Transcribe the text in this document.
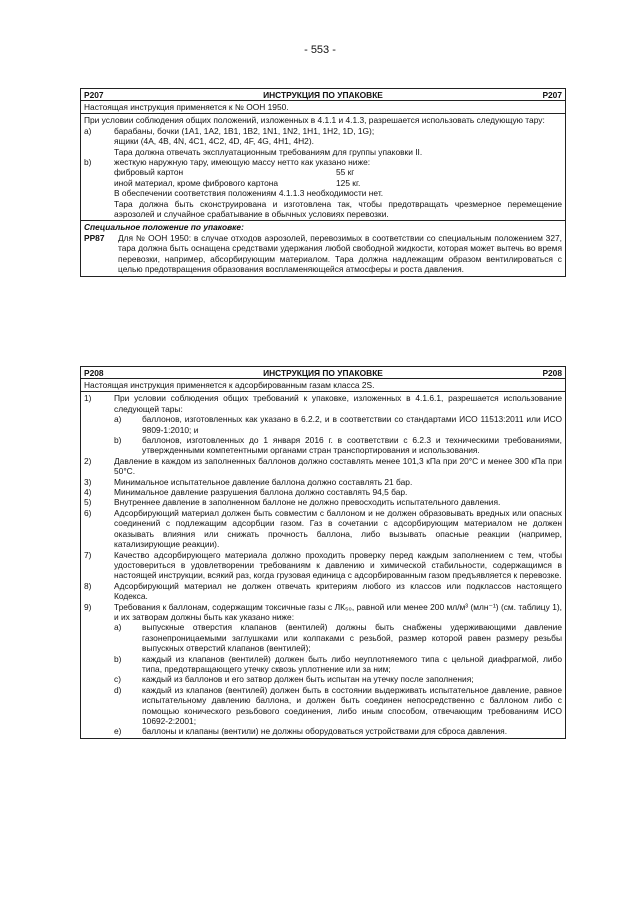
- 553 -
P207	ИНСТРУКЦИЯ ПО УПАКОВКЕ	P207
Настоящая инструкция применяется к № ООН 1950.
При условии соблюдения общих положений, изложенных в 4.1.1 и 4.1.3, разрешается использовать следующую тару:
a)	барабаны, бочки (1A1, 1A2, 1B1, 1B2, 1N1, 1N2, 1H1, 1H2, 1D, 1G);
ящики (4A, 4B, 4N, 4C1, 4C2, 4D, 4F, 4G, 4H1, 4H2).
Тара должна отвечать эксплуатационным требованиям для группы упаковки II.
b)	жесткую наружную тару, имеющую массу нетто как указано ниже:
фибровый картон	55 кг
иной материал, кроме фибрового картона	125 кг.
В обеспечении соответствия положениям 4.1.1.3 необходимости нет.
Тара должна быть сконструирована и изготовлена так, чтобы предотвращать чрезмерное перемещение аэрозолей и случайное срабатывание в обычных условиях перевозки.
Специальное положение по упаковке:
PP87	Для № ООН 1950: в случае отходов аэрозолей, перевозимых в соответствии со специальным положением 327, тара должна быть оснащена средствами удержания любой свободной жидкости, которая может вытечь во время перевозки, например, абсорбирующим материалом. Тара должна надлежащим образом вентилироваться с целью предотвращения образования воспламеняющейся атмосферы и роста давления.
P208	ИНСТРУКЦИЯ ПО УПАКОВКЕ	P208
Настоящая инструкция применяется к адсорбированным газам класса 2S.
1)	При условии соблюдения общих требований к упаковке, изложенных в 4.1.6.1, разрешается использование следующей тары:
a)	баллонов, изготовленных как указано в 6.2.2, и в соответствии со стандартами ИСО 11513:2011 или ИСО 9809-1:2010; и
b)	баллонов, изготовленных до 1 января 2016 г. в соответствии с 6.2.3 и техническими требованиями, утвержденными компетентными органами стран транспортирования и использования.
2)	Давление в каждом из заполненных баллонов должно составлять менее 101,3 кПа при 20°С и менее 300 кПа при 50°С.
3)	Минимальное испытательное давление баллона должно составлять 21 бар.
4)	Минимальное давление разрушения баллона должно составлять 94,5 бар.
5)	Внутреннее давление в заполненном баллоне не должно превосходить испытательного давления.
6)	Адсорбирующий материал должен быть совместим с баллоном и не должен образовывать вредных или опасных соединений с подлежащим адсорбции газом. Газ в сочетании с адсорбирующим материалом не должен оказывать влияния или снижать прочность баллона, либо вызывать опасные реакции (например, катализирующие реакции).
7)	Качество адсорбирующего материала должно проходить проверку перед каждым заполнением с тем, чтобы удостовериться в удовлетворении требованиям к давлению и химической стабильности, содержащимся в настоящей инструкции, всякий раз, когда грузовая единица с адсорбированным газом предъявляется к перевозке.
8)	Адсорбирующий материал не должен отвечать критериям любого из классов или подклассов настоящего Кодекса.
9)	Требования к баллонам, содержащим токсичные газы с ЛК₅₀, равной или менее 200 мл/м³ (млн⁻¹) (см. таблицу 1), и их затворам должны быть как указано ниже:
a)	выпускные отверстия клапанов (вентилей) должны быть снабжены удерживающими давление газонепроницаемыми заглушками или колпаками с резьбой, размер которой равен размеру резьбы выпускных отверстий клапанов (вентилей);
b)	каждый из клапанов (вентилей) должен быть либо неуплотняемого типа с цельной диафрагмой, либо типа, предотвращающего утечку сквозь уплотнение или за ним;
c)	каждый из баллонов и его затвор должен быть испытан на утечку после заполнения;
d)	каждый из клапанов (вентилей) должен быть в состоянии выдерживать испытательное давление, равное испытательному давлению баллона, и должен быть соединен непосредственно с баллоном либо с помощью конического резьбового соединения, либо иным способом, отвечающим требованиям ИСО 10692-2:2001;
e)	баллоны и клапаны (вентили) не должны оборудоваться устройствами для сброса давления.
